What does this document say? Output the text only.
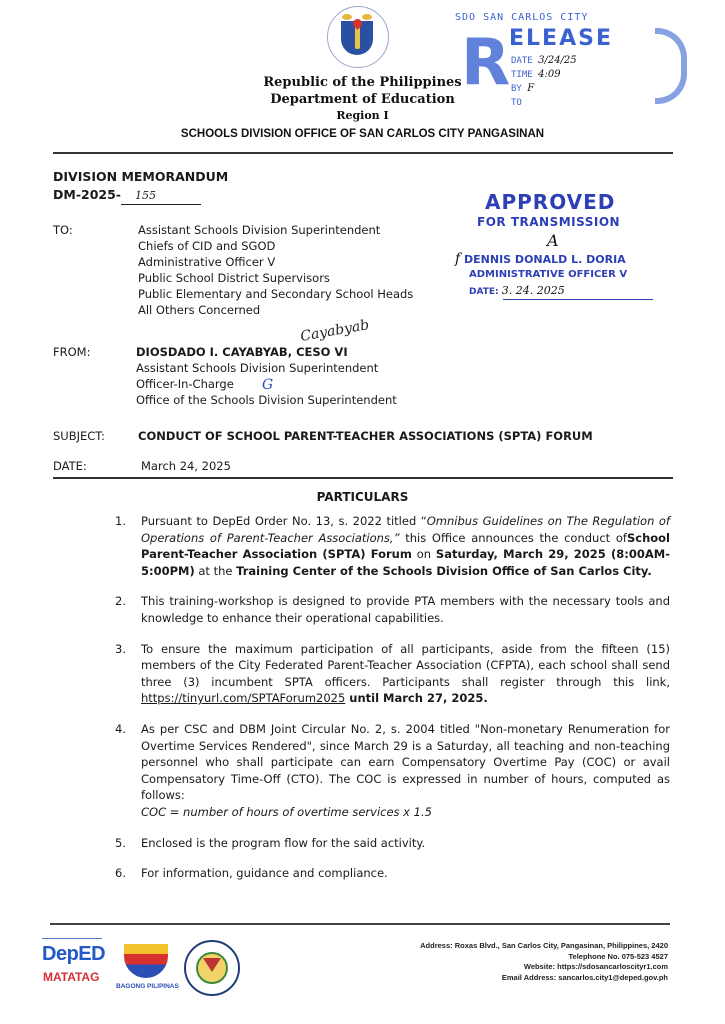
Republic of the Philippines
Department of Education
Region I
SCHOOLS DIVISION OFFICE OF SAN CARLOS CITY PANGASINAN
SDO SAN CARLOS CITY
R
ELEASE
DATE 3/24/25
TIME 4:09
BY F
TO
APPROVED
FOR TRANSMISSION
A
f DENNIS DONALD L. DORIA
ADMINISTRATIVE OFFICER V
DATE: 3. 24. 2025
DIVISION MEMORANDUM
DM-2025- 155
TO:	Assistant Schools Division Superintendent
Chiefs of CID and SGOD
Administrative Officer V
Public School District Supervisors
Public Elementary and Secondary School Heads
All Others Concerned
FROM:
Cayabyab
DIOSDADO I. CAYABYAB, CESO VI
Assistant Schools Division Superintendent
Officer-In-Charge
Office of the Schools Division Superintendent
G
SUBJECT:	CONDUCT OF SCHOOL PARENT-TEACHER ASSOCIATIONS (SPTA) FORUM
DATE:	March 24, 2025
PARTICULARS
1.	Pursuant to DepEd Order No. 13, s. 2022 titled “Omnibus Guidelines on The Regulation of Operations of Parent-Teacher Associations,” this Office announces the conduct ofSchool Parent-Teacher Association (SPTA) Forum on Saturday, March 29, 2025 (8:00AM- 5:00PM) at the Training Center of the Schools Division Office of San Carlos City.
2.	This training-workshop is designed to provide PTA members with the necessary tools and knowledge to enhance their operational capabilities.
3.	To ensure the maximum participation of all participants, aside from the fifteen (15) members of the City Federated Parent-Teacher Association (CFPTA), each school shall send three (3) incumbent SPTA officers. Participants shall register through this link, https://tinyurl.com/SPTAForum2025 until March 27, 2025.
4.	As per CSC and DBM Joint Circular No. 2, s. 2004 titled "Non-monetary Renumeration for Overtime Services Rendered", since March 29 is a Saturday, all teaching and non-teaching personnel who shall participate can earn Compensatory Overtime Pay (COC) or avail Compensatory Time-Off (CTO). The COC is expressed in number of hours, computed as follows:
COC = number of hours of overtime services x 1.5
5.	Enclosed is the program flow for the said activity.
6.	For information, guidance and compliance.
DepED
MATATAG
BAGONG PILIPINAS
Address: Roxas Blvd., San Carlos City, Pangasinan, Philippines, 2420
Telephone No. 075-523 4527
Website: https://sdosancarloscityr1.com
Email Address: sancarlos.city1@deped.gov.ph
